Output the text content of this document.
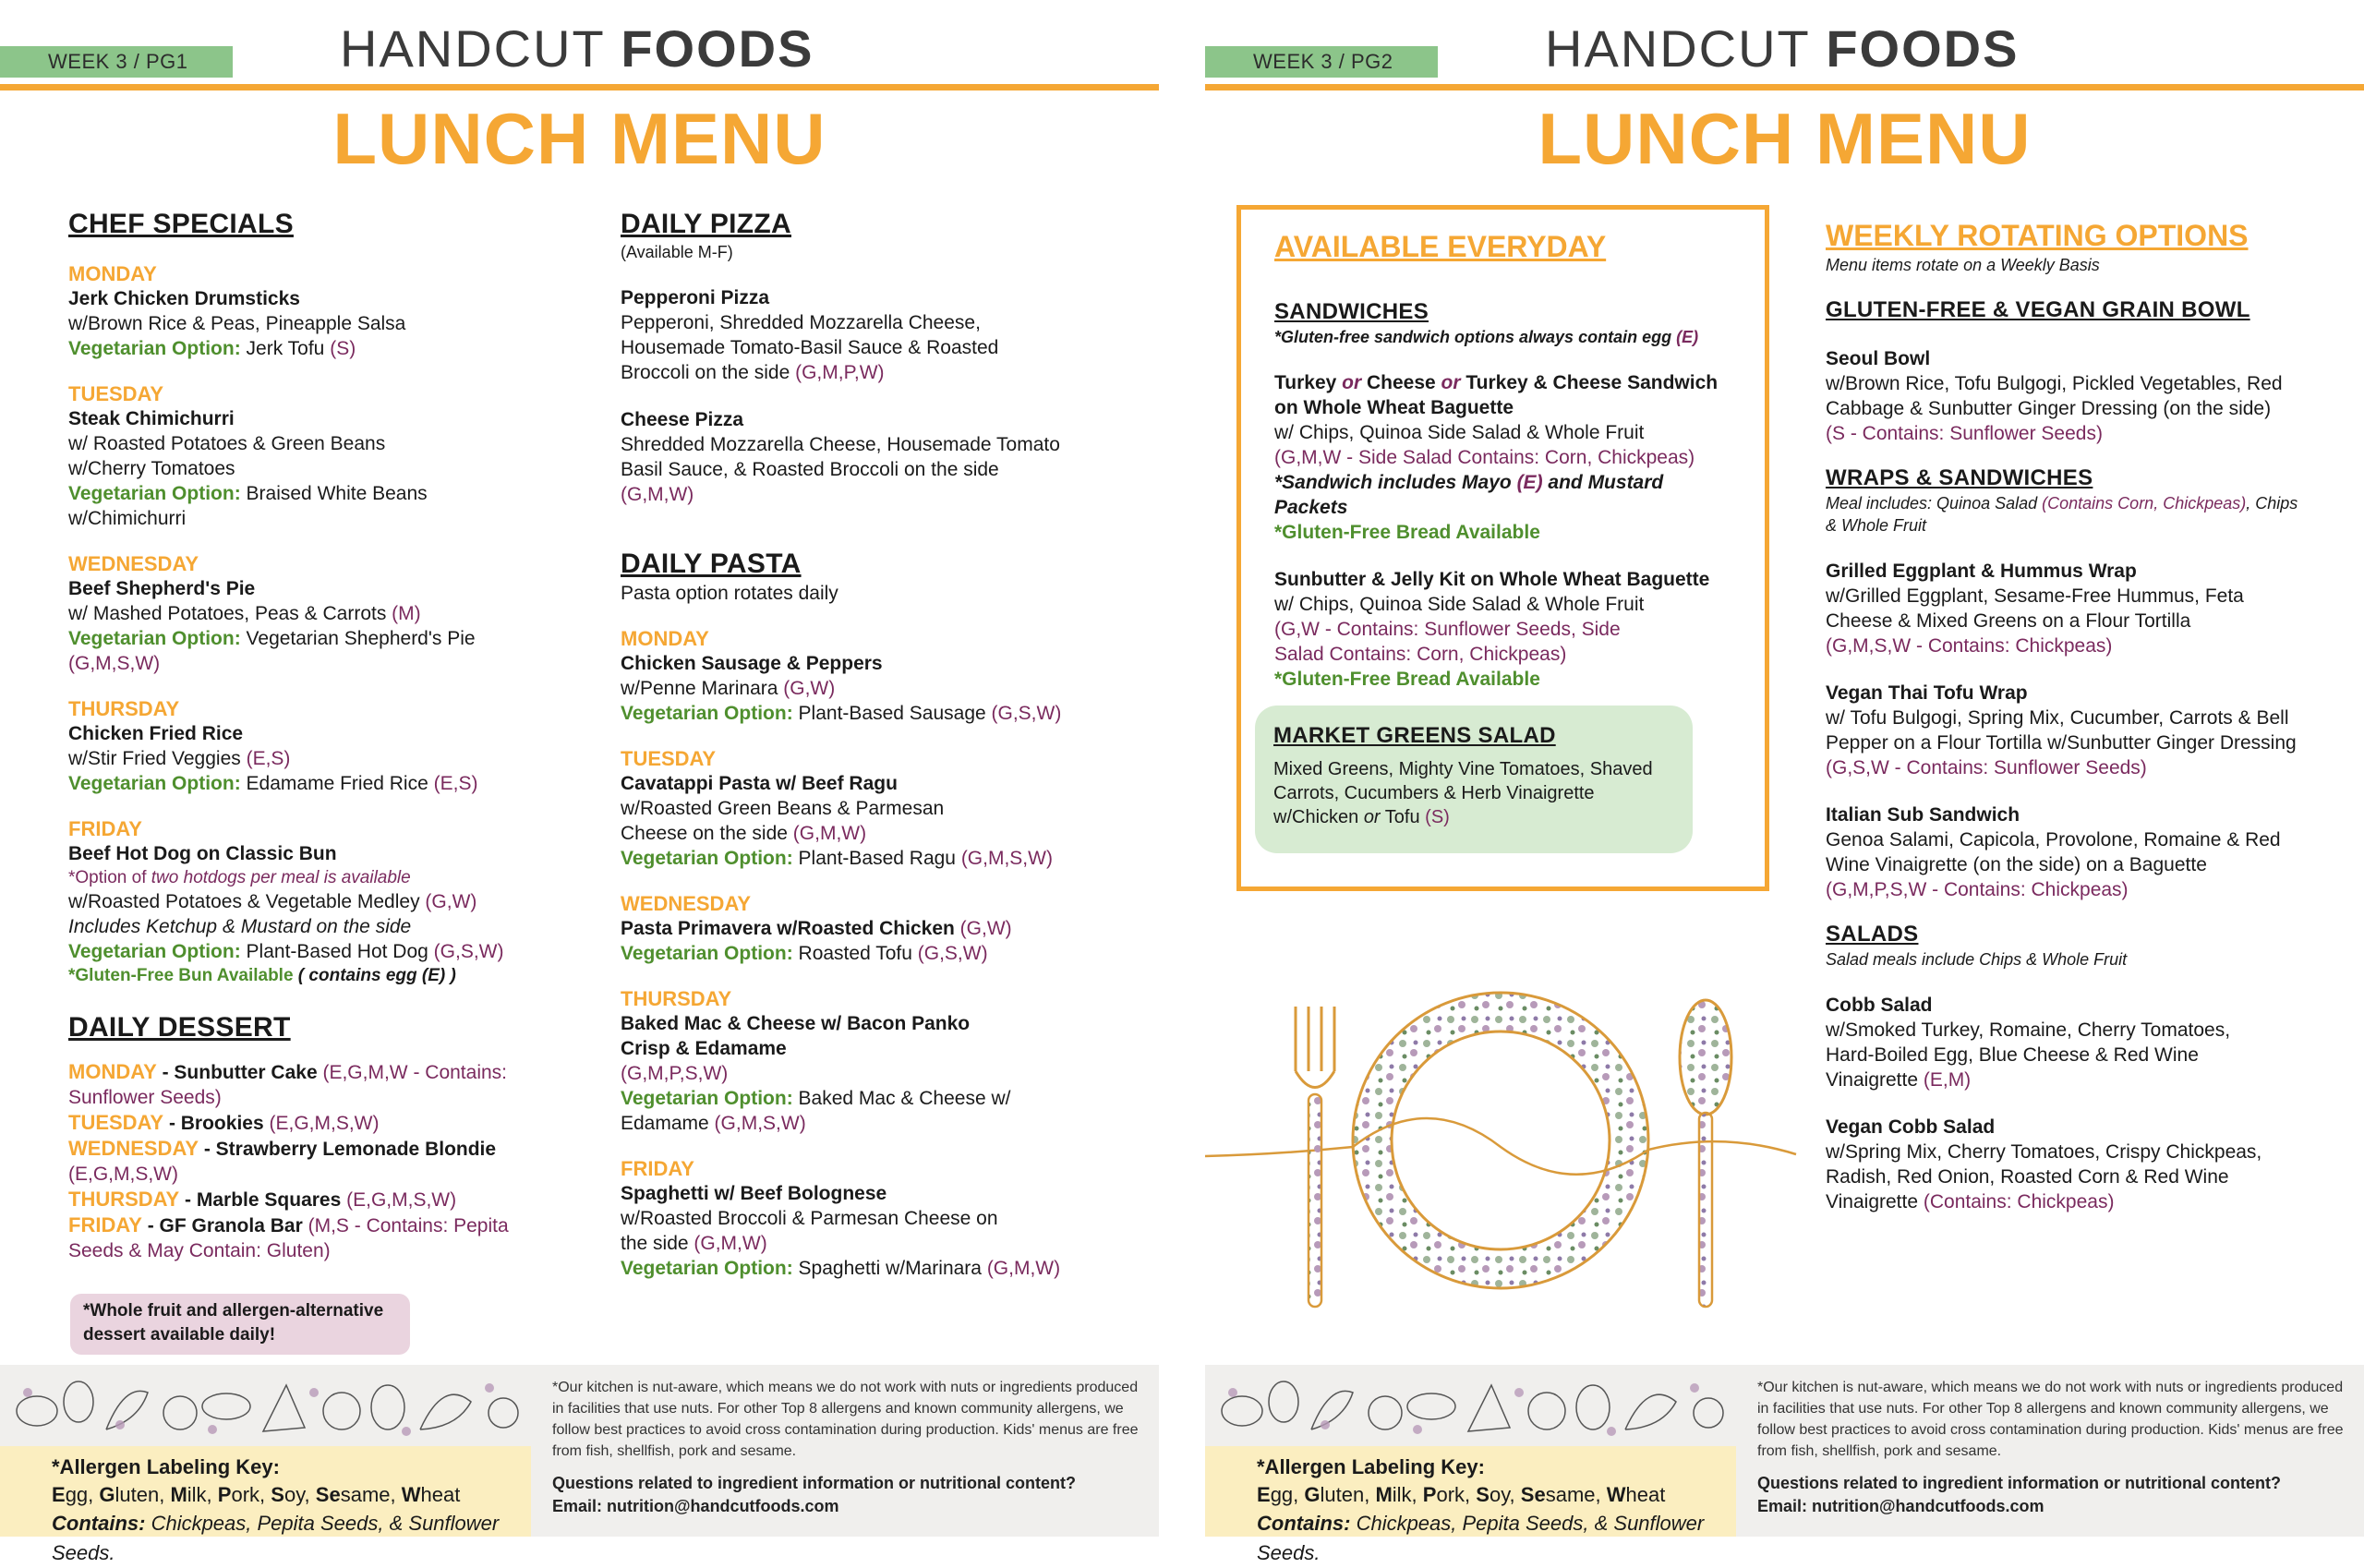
WEEK 3 / PG1	HANDCUT FOODS
LUNCH MENU
CHEF SPECIALS
MONDAY
Jerk Chicken Drumsticks
w/Brown Rice & Peas, Pineapple Salsa
Vegetarian Option: Jerk Tofu (S)
TUESDAY
Steak Chimichurri
w/ Roasted Potatoes & Green Beans w/Cherry Tomatoes
Vegetarian Option: Braised White Beans w/Chimichurri
WEDNESDAY
Beef Shepherd's Pie
w/ Mashed Potatoes, Peas & Carrots (M)
Vegetarian Option: Vegetarian Shepherd's Pie (G,M,S,W)
THURSDAY
Chicken Fried Rice
w/Stir Fried Veggies (E,S)
Vegetarian Option: Edamame Fried Rice (E,S)
FRIDAY
Beef Hot Dog on Classic Bun
*Option of two hotdogs per meal is available
w/Roasted Potatoes & Vegetable Medley (G,W)
Includes Ketchup & Mustard on the side
Vegetarian Option: Plant-Based Hot Dog (G,S,W)
*Gluten-Free Bun Available ( contains egg (E) )
DAILY DESSERT
MONDAY - Sunbutter Cake (E,G,M,W - Contains: Sunflower Seeds)
TUESDAY - Brookies (E,G,M,S,W)
WEDNESDAY - Strawberry Lemonade Blondie (E,G,M,S,W)
THURSDAY - Marble Squares (E,G,M,S,W)
FRIDAY - GF Granola Bar (M,S - Contains: Pepita Seeds & May Contain: Gluten)
*Whole fruit and allergen-alternative dessert available daily!
DAILY PIZZA
(Available M-F)
Pepperoni Pizza
Pepperoni, Shredded Mozzarella Cheese, Housemade Tomato-Basil Sauce & Roasted Broccoli on the side (G,M,P,W)
Cheese Pizza
Shredded Mozzarella Cheese, Housemade Tomato Basil Sauce, & Roasted Broccoli on the side (G,M,W)
DAILY PASTA
Pasta option rotates daily
MONDAY
Chicken Sausage & Peppers
w/Penne Marinara (G,W)
Vegetarian Option: Plant-Based Sausage (G,S,W)
TUESDAY
Cavatappi Pasta w/ Beef Ragu
w/Roasted Green Beans & Parmesan Cheese on the side (G,M,W)
Vegetarian Option: Plant-Based Ragu (G,M,S,W)
WEDNESDAY
Pasta Primavera w/Roasted Chicken (G,W)
Vegetarian Option: Roasted Tofu (G,S,W)
THURSDAY
Baked Mac & Cheese w/ Bacon Panko Crisp & Edamame
(G,M,P,S,W)
Vegetarian Option: Baked Mac & Cheese w/ Edamame (G,M,S,W)
FRIDAY
Spaghetti w/ Beef Bolognese
w/Roasted Broccoli & Parmesan Cheese on the side (G,M,W)
Vegetarian Option: Spaghetti w/Marinara (G,M,W)
*Allergen Labeling Key:
Egg, Gluten, Milk, Pork, Soy, Sesame, Wheat
Contains: Chickpeas, Pepita Seeds, & Sunflower Seeds.
*Our kitchen is nut-aware, which means we do not work with nuts or ingredients produced in facilities that use nuts. For other Top 8 allergens and known community allergens, we follow best practices to avoid cross contamination during production. Kids' menus are free from fish, shellfish, pork and sesame.
Questions related to ingredient information or nutritional content?
Email: nutrition@handcutfoods.com
WEEK 3 / PG2	HANDCUT FOODS
LUNCH MENU
AVAILABLE EVERYDAY
SANDWICHES
*Gluten-free sandwich options always contain egg (E)
Turkey or Cheese or Turkey & Cheese Sandwich on Whole Wheat Baguette
w/ Chips, Quinoa Side Salad & Whole Fruit
(G,M,W - Side Salad Contains: Corn, Chickpeas)
*Sandwich includes Mayo (E) and Mustard Packets
*Gluten-Free Bread Available
Sunbutter & Jelly Kit on Whole Wheat Baguette
w/ Chips, Quinoa Side Salad & Whole Fruit
(G,W - Contains: Sunflower Seeds, Side Salad Contains: Corn, Chickpeas)
*Gluten-Free Bread Available
MARKET GREENS SALAD
Mixed Greens, Mighty Vine Tomatoes, Shaved Carrots, Cucumbers & Herb Vinaigrette w/Chicken or Tofu (S)
WEEKLY ROTATING OPTIONS
Menu items rotate on a Weekly Basis
GLUTEN-FREE & VEGAN GRAIN BOWL
Seoul Bowl
w/Brown Rice, Tofu Bulgogi, Pickled Vegetables, Red Cabbage & Sunbutter Ginger Dressing (on the side)
(S - Contains: Sunflower Seeds)
WRAPS & SANDWICHES
Meal includes: Quinoa Salad (Contains Corn, Chickpeas), Chips & Whole Fruit
Grilled Eggplant & Hummus Wrap
w/Grilled Eggplant, Sesame-Free Hummus, Feta Cheese & Mixed Greens on a Flour Tortilla
(G,M,S,W - Contains: Chickpeas)
Vegan Thai Tofu Wrap
w/ Tofu Bulgogi, Spring Mix, Cucumber, Carrots & Bell Pepper on a Flour Tortilla w/Sunbutter Ginger Dressing
(G,S,W - Contains: Sunflower Seeds)
Italian Sub Sandwich
Genoa Salami, Capicola, Provolone, Romaine & Red Wine Vinaigrette (on the side) on a Baguette
(G,M,P,S,W - Contains: Chickpeas)
SALADS
Salad meals include Chips & Whole Fruit
Cobb Salad
w/Smoked Turkey, Romaine, Cherry Tomatoes, Hard-Boiled Egg, Blue Cheese & Red Wine Vinaigrette (E,M)
Vegan Cobb Salad
w/Spring Mix, Cherry Tomatoes, Crispy Chickpeas, Radish, Red Onion, Roasted Corn & Red Wine Vinaigrette (Contains: Chickpeas)
*Allergen Labeling Key:
Egg, Gluten, Milk, Pork, Soy, Sesame, Wheat
Contains: Chickpeas, Pepita Seeds, & Sunflower Seeds.
*Our kitchen is nut-aware, which means we do not work with nuts or ingredients produced in facilities that use nuts. For other Top 8 allergens and known community allergens, we follow best practices to avoid cross contamination during production. Kids' menus are free from fish, shellfish, pork and sesame.
Questions related to ingredient information or nutritional content?
Email: nutrition@handcutfoods.com
